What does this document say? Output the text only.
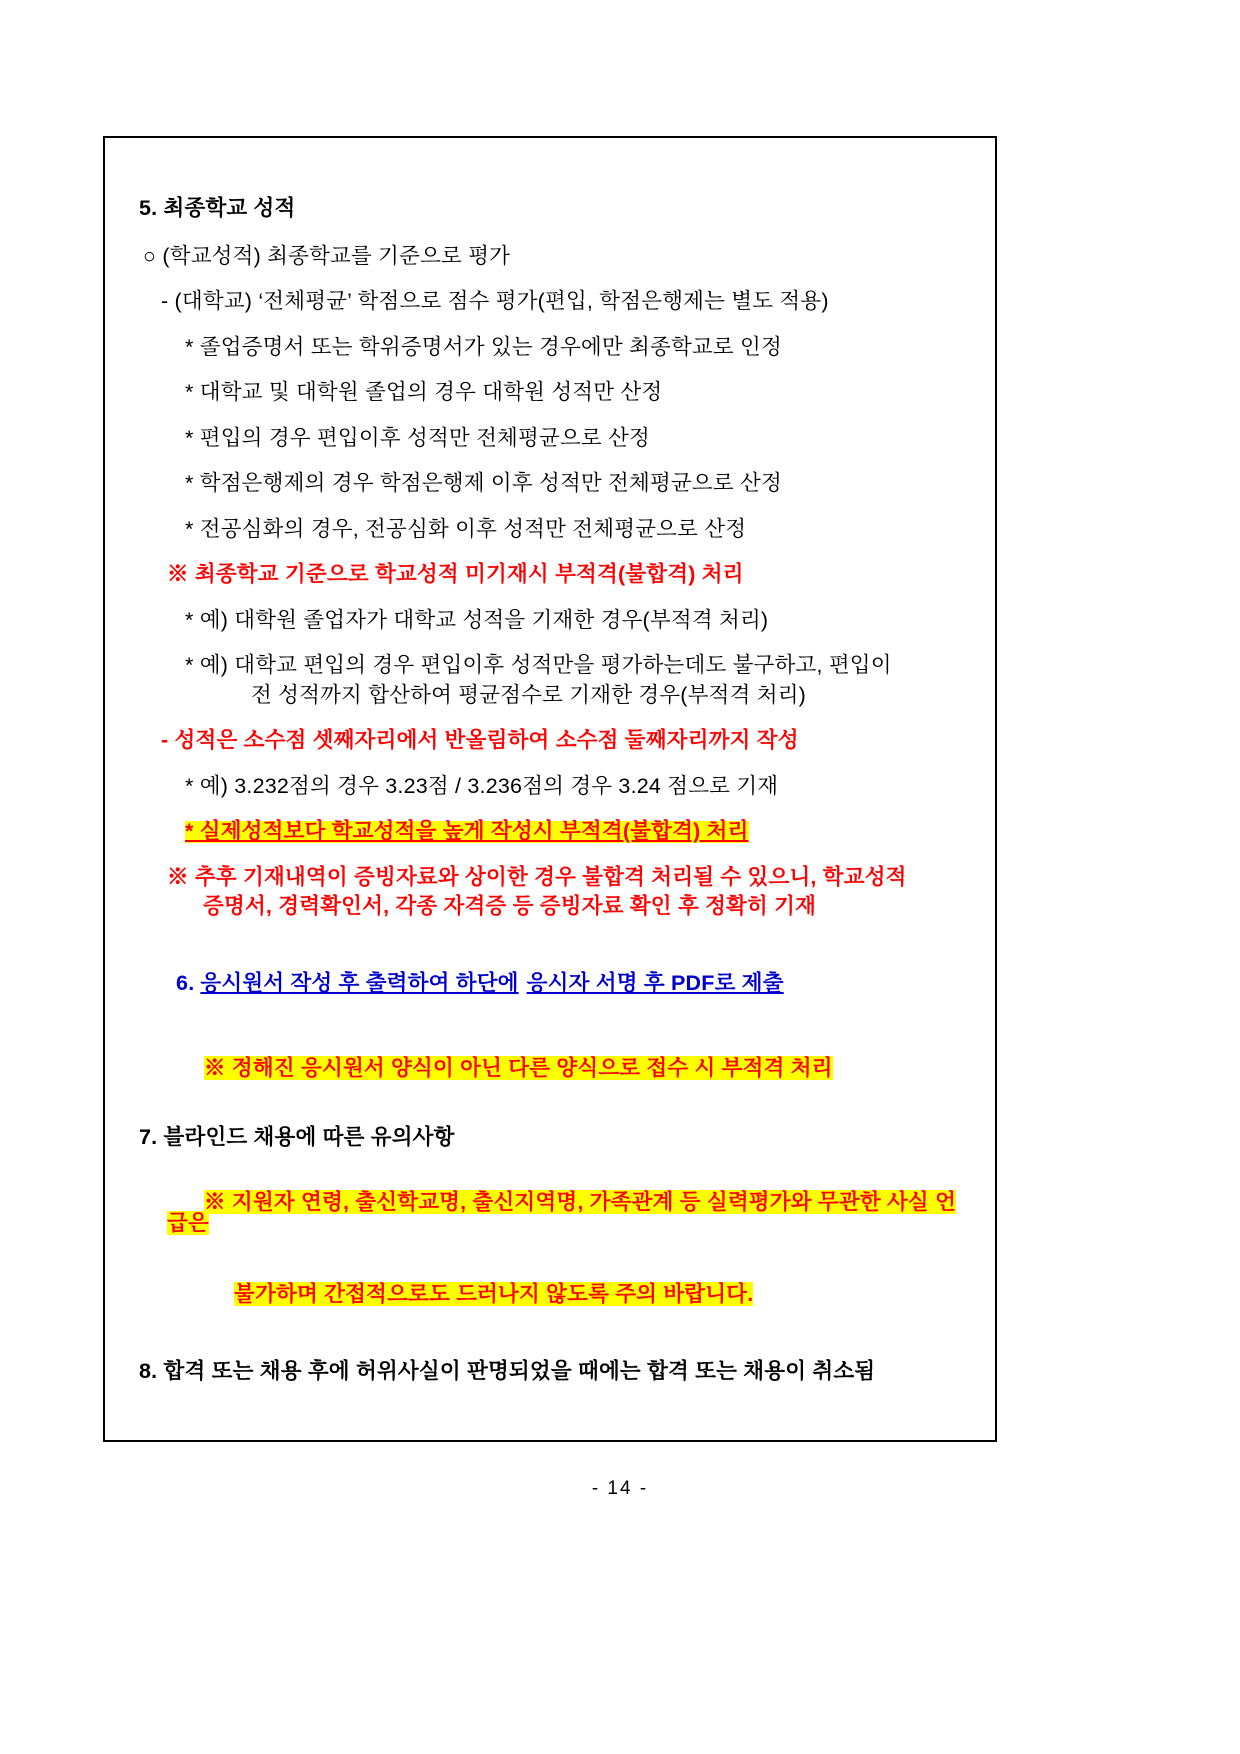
5. 최종학교 성적
○ (학교성적) 최종학교를 기준으로 평가
- (대학교) ‘전체평균’ 학점으로 점수 평가(편입, 학점은행제는 별도 적용)
* 졸업증명서 또는 학위증명서가 있는 경우에만 최종학교로 인정
* 대학교 및 대학원 졸업의 경우 대학원 성적만 산정
* 편입의 경우 편입이후 성적만 전체평균으로 산정
* 학점은행제의 경우 학점은행제 이후 성적만 전체평균으로 산정
* 전공심화의 경우, 전공심화 이후 성적만 전체평균으로 산정
※ 최종학교 기준으로 학교성적 미기재시 부적격(불합격) 처리
* 예) 대학원 졸업자가 대학교 성적을 기재한 경우(부적격 처리)
* 예) 대학교 편입의 경우 편입이후 성적만을 평가하는데도 불구하고, 편입이
전 성적까지 합산하여 평균점수로 기재한 경우(부적격 처리)
- 성적은 소수점 셋째자리에서 반올림하여 소수점 둘째자리까지 작성
* 예) 3.232점의 경우 3.23점 / 3.236점의 경우 3.24 점으로 기재
* 실제성적보다 학교성적을 높게 작성시 부적격(불합격) 처리
※ 추후 기재내역이 증빙자료와 상이한 경우 불합격 처리될 수 있으니, 학교성적
증명서, 경력확인서, 각종 자격증 등 증빙자료 확인 후 정확히 기재

6. 응시원서 작성 후 출력하여 하단에 응시자 서명 후 PDF로 제출

※ 정해진 응시원서 양식이 아닌 다른 양식으로 접수 시 부적격 처리

7. 블라인드 채용에 따른 유의사항

※ 지원자 연령, 출신학교명, 출신지역명, 가족관계 등 실력평가와 무관한 사실 언급은

불가하며 간접적으로도 드러나지 않도록 주의 바랍니다.

8. 합격 또는 채용 후에 허위사실이 판명되었을 때에는 합격 또는 채용이 취소됨
- 14 -
